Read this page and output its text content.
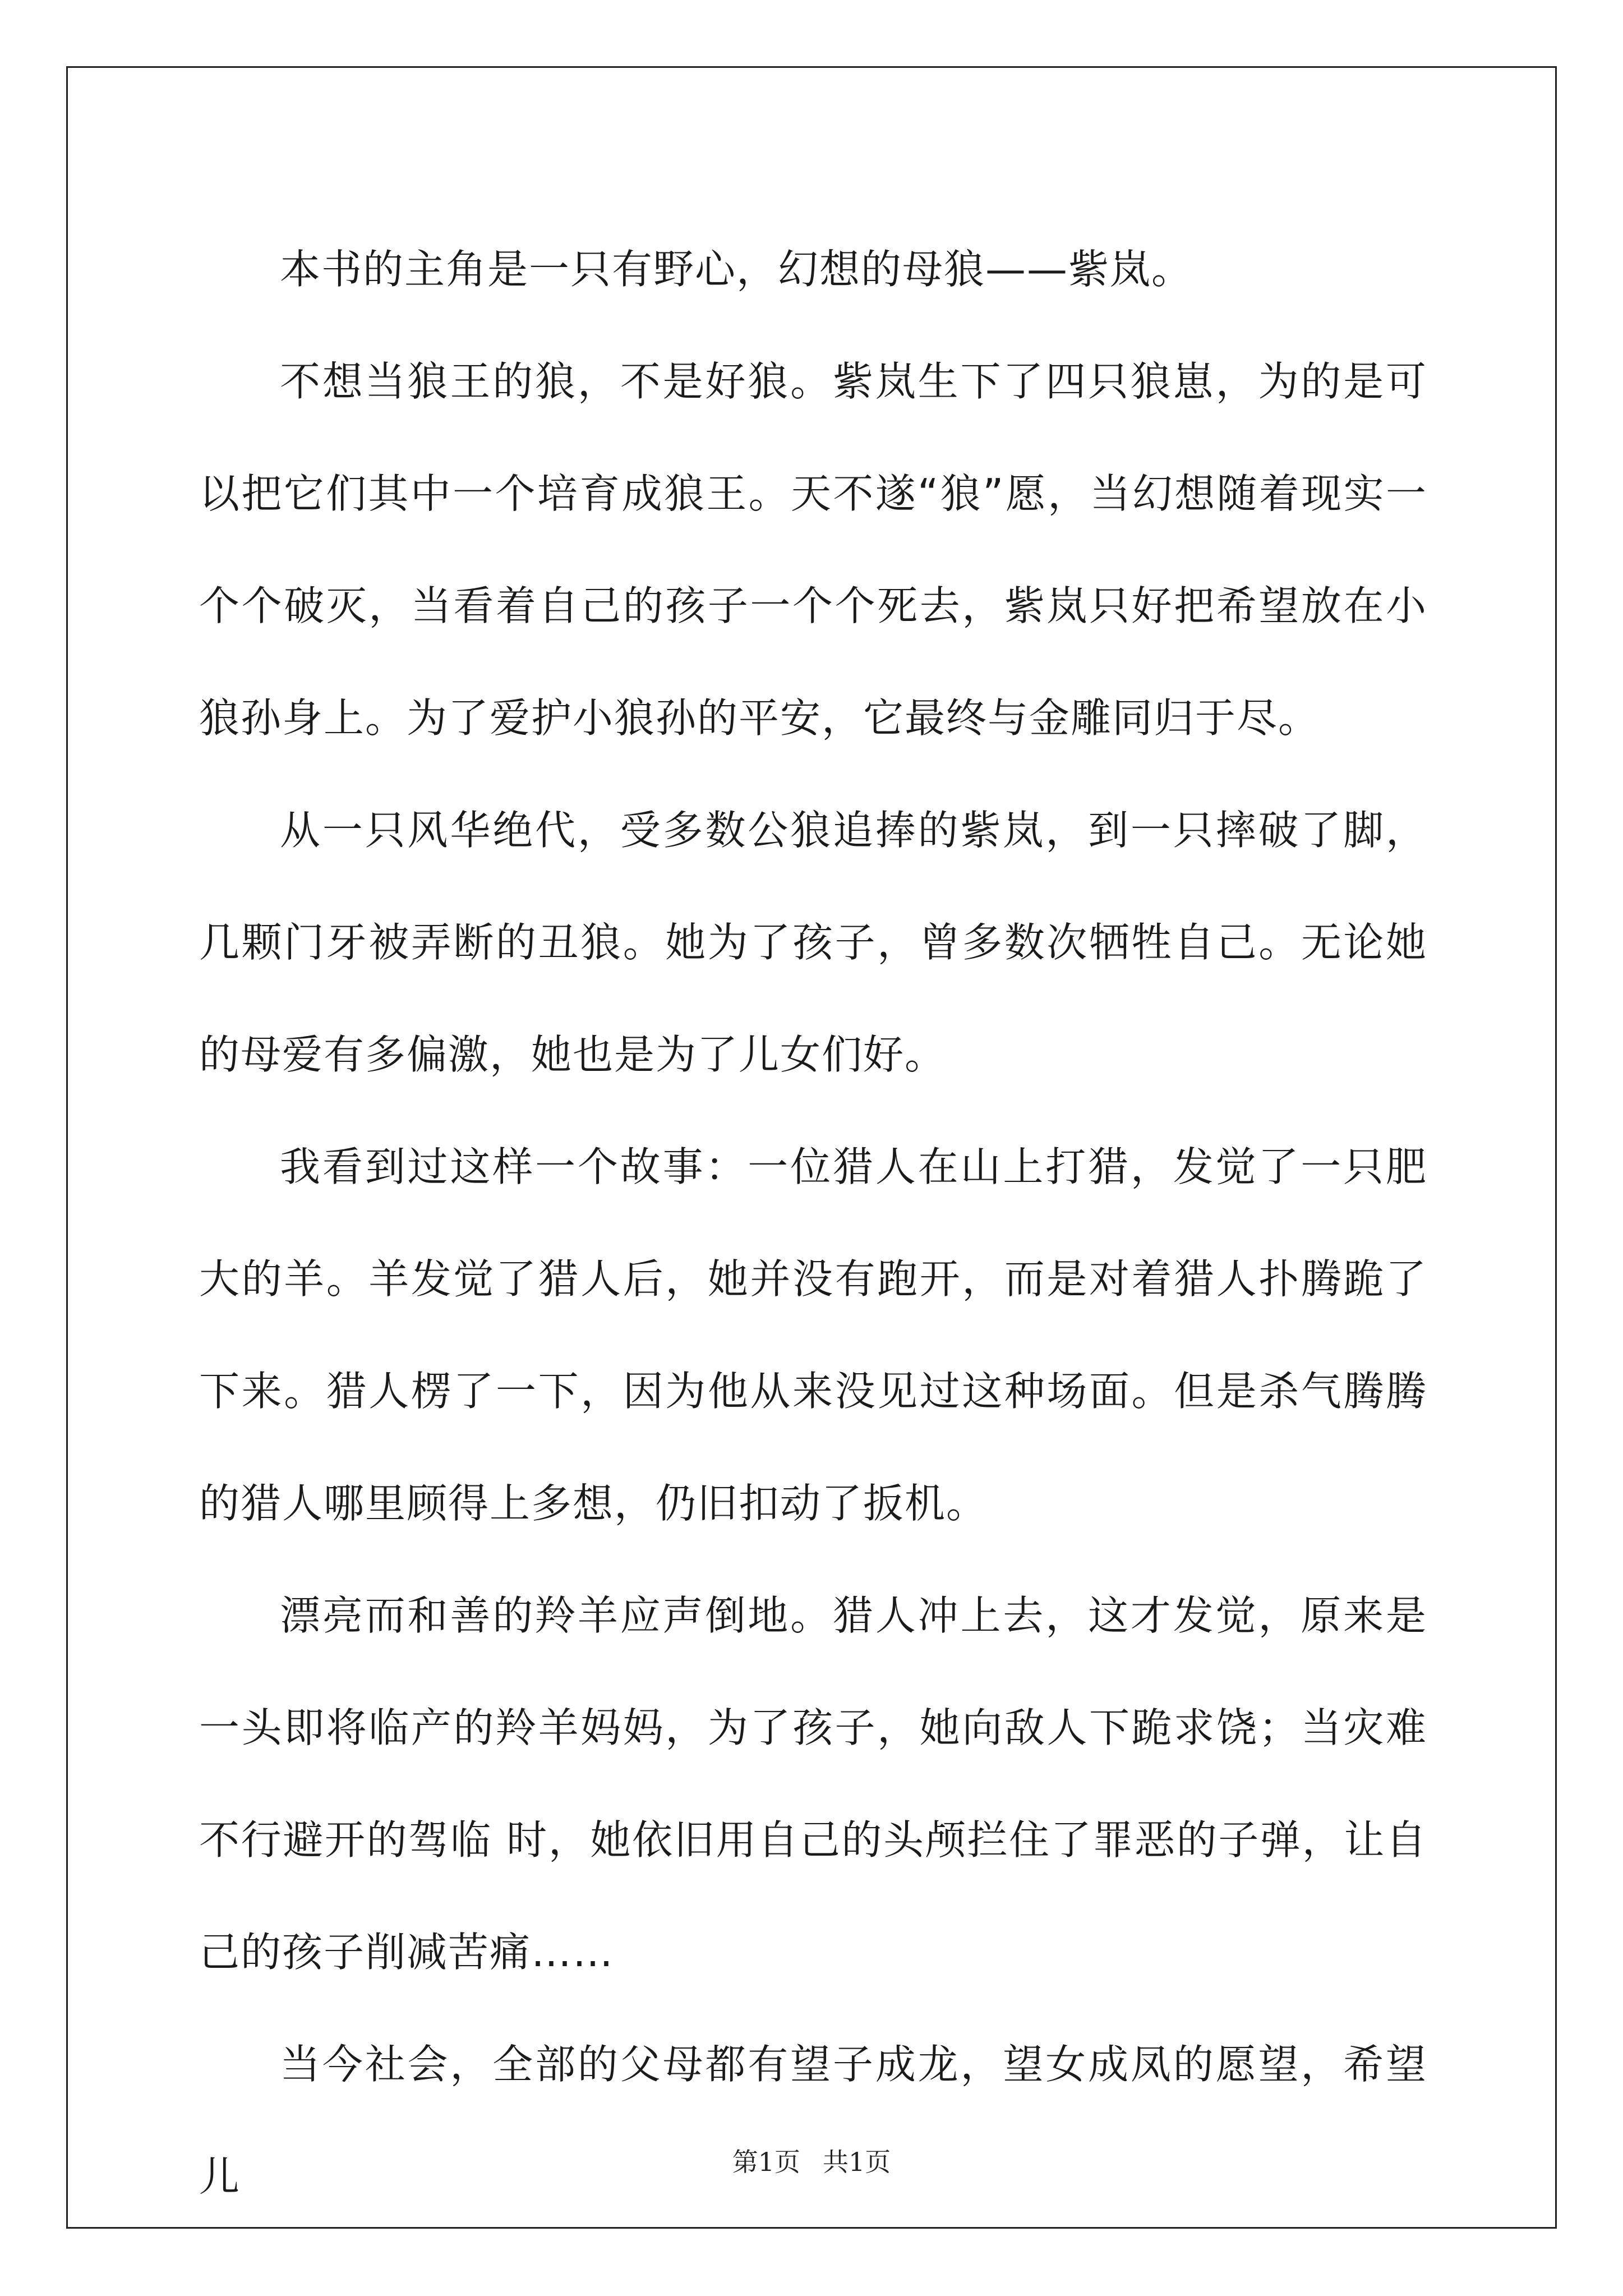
本书的主角是一只有野心，幻想的母狼——紫岚。

不想当狼王的狼，不是好狼。紫岚生下了四只狼崽，为的是可以把它们其中一个培育成狼王。天不遂“狼”愿，当幻想随着现实一个个破灭，当看着自己的孩子一个个死去，紫岚只好把希望放在小狼孙身上。为了爱护小狼孙的平安，它最终与金雕同归于尽。

从一只风华绝代，受多数公狼追捧的紫岚，到一只摔破了脚，几颗门牙被弄断的丑狼。她为了孩子，曾多数次牺牲自己。无论她的母爱有多偏激，她也是为了儿女们好。

我看到过这样一个故事：一位猎人在山上打猎，发觉了一只肥大的羊。羊发觉了猎人后，她并没有跑开，而是对着猎人扑腾跪了下来。猎人楞了一下，因为他从来没见过这种场面。但是杀气腾腾的猎人哪里顾得上多想，仍旧扣动了扳机。

漂亮而和善的羚羊应声倒地。猎人冲上去，这才发觉，原来是一头即将临产的羚羊妈妈，为了孩子，她向敌人下跪求饶；当灾难不行避开的驾临 时，她依旧用自己的头颅拦住了罪恶的子弹，让自己的孩子削减苦痛……

当今社会，全部的父母都有望子成龙，望女成凤的愿望，希望儿	第1页 共1页
